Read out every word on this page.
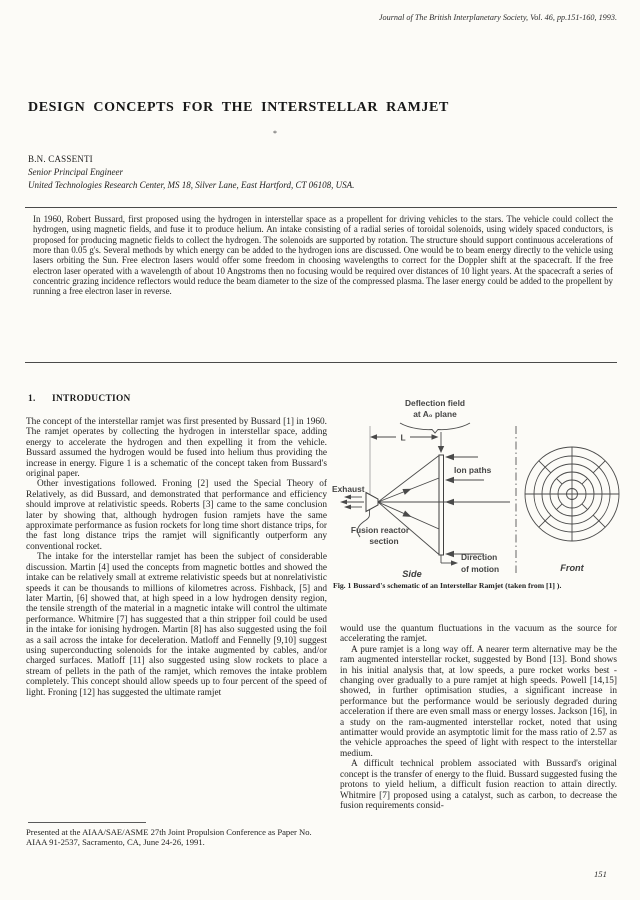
Journal of The British Interplanetary Society, Vol. 46, pp.151-160, 1993.
DESIGN CONCEPTS FOR THE INTERSTELLAR RAMJET
*
B.N. CASSENTI
Senior Principal Engineer
United Technologies Research Center, MS 18, Silver Lane, East Hartford, CT 06108, USA.
In 1960, Robert Bussard, first proposed using the hydrogen in interstellar space as a propellent for driving vehicles to the stars. The vehicle could collect the hydrogen, using magnetic fields, and fuse it to produce helium. An intake consisting of a radial series of toroidal solenoids, using widely spaced conductors, is proposed for producing magnetic fields to collect the hydrogen. The solenoids are supported by rotation. The structure should support continuous accelerations of more than 0.05 g's. Several methods by which energy can be added to the hydrogen ions are discussed. One would be to beam energy directly to the vehicle using lasers orbiting the Sun. Free electron lasers would offer some freedom in choosing wavelengths to correct for the Doppler shift at the spacecraft. If the free electron laser operated with a wavelength of about 10 Angstroms then no focusing would be required over distances of 10 light years. At the spacecraft a series of concentric grazing incidence reflectors would reduce the beam diameter to the size of the compressed plasma. The laser energy could be added to the propellent by running a free electron laser in reverse.
1. INTRODUCTION

The concept of the interstellar ramjet was first presented by Bussard [1] in 1960. The ramjet operates by collecting the hydrogen in interstellar space, adding energy to accelerate the hydrogen and then expelling it from the vehicle. Bussard assumed the hydrogen would be fused into helium thus providing the increase in energy. Figure 1 is a schematic of the concept taken from Bussard's original paper.

Other investigations followed. Froning [2] used the Special Theory of Relatively, as did Bussard, and demonstrated that performance and efficiency should improve at relativistic speeds. Roberts [3] came to the same conclusion later by showing that, although hydrogen fusion ramjets have the same approximate performance as fusion rockets for long time short distance trips, for the fast long distance trips the ramjet will significantly outperform any conventional rocket.

The intake for the interstellar ramjet has been the subject of considerable discussion. Martin [4] used the concepts from magnetic bottles and showed the intake can be relatively small at extreme relativistic speeds but at nonrelativistic speeds it can be thousands to millions of kilometres across. Fishback, [5] and later Martin, [6] showed that, at high speed in a low hydrogen density region, the tensile strength of the material in a magnetic intake will control the ultimate performance. Whitmire [7] has suggested that a thin stripper foil could be used in the intake for ionising hydrogen. Martin [8] has also suggested using the foil as a sail across the intake for deceleration. Matloff and Fennelly [9,10] suggest using superconducting solenoids for the intake augmented by cables, and/or charged surfaces. Matloff [11] also suggested using slow rockets to place a stream of pellets in the path of the ramjet, which removes the intake problem completely. This concept should allow speeds up to four percent of the speed of light. Froning [12] has suggested the ultimate ramjet

Presented at the AIAA/SAE/ASME 27th Joint Propulsion Conference as Paper No. AIAA 91-2537, Sacramento, CA, June 24-26, 1991.
Deflection field
at A₀ plane
L
Ion paths
Exhaust
Fusion reactor
section
Direction
of motion
Side
Front
Fig. 1 Bussard's schematic of an Interstellar Ramjet (taken from [1] ).

would use the quantum fluctuations in the vacuum as the source for accelerating the ramjet.

A pure ramjet is a long way off. A nearer term alternative may be the ram augmented interstellar rocket, suggested by Bond [13]. Bond shows in his initial analysis that, at low speeds, a pure rocket works best - changing over gradually to a pure ramjet at high speeds. Powell [14,15] showed, in further optimisation studies, a significant increase in performance but the performance would be seriously degraded during acceleration if there are even small mass or energy losses. Jackson [16], in a study on the ram-augmented interstellar rocket, noted that using antimatter would provide an asymptotic limit for the mass ratio of 2.57 as the vehicle approaches the speed of light with respect to the interstellar medium.

A difficult technical problem associated with Bussard's original concept is the transfer of energy to the fluid. Bussard suggested fusing the protons to yield helium, a difficult fusion reaction to attain directly. Whitmire [7] proposed using a catalyst, such as carbon, to decrease the fusion requirements consid-

151
